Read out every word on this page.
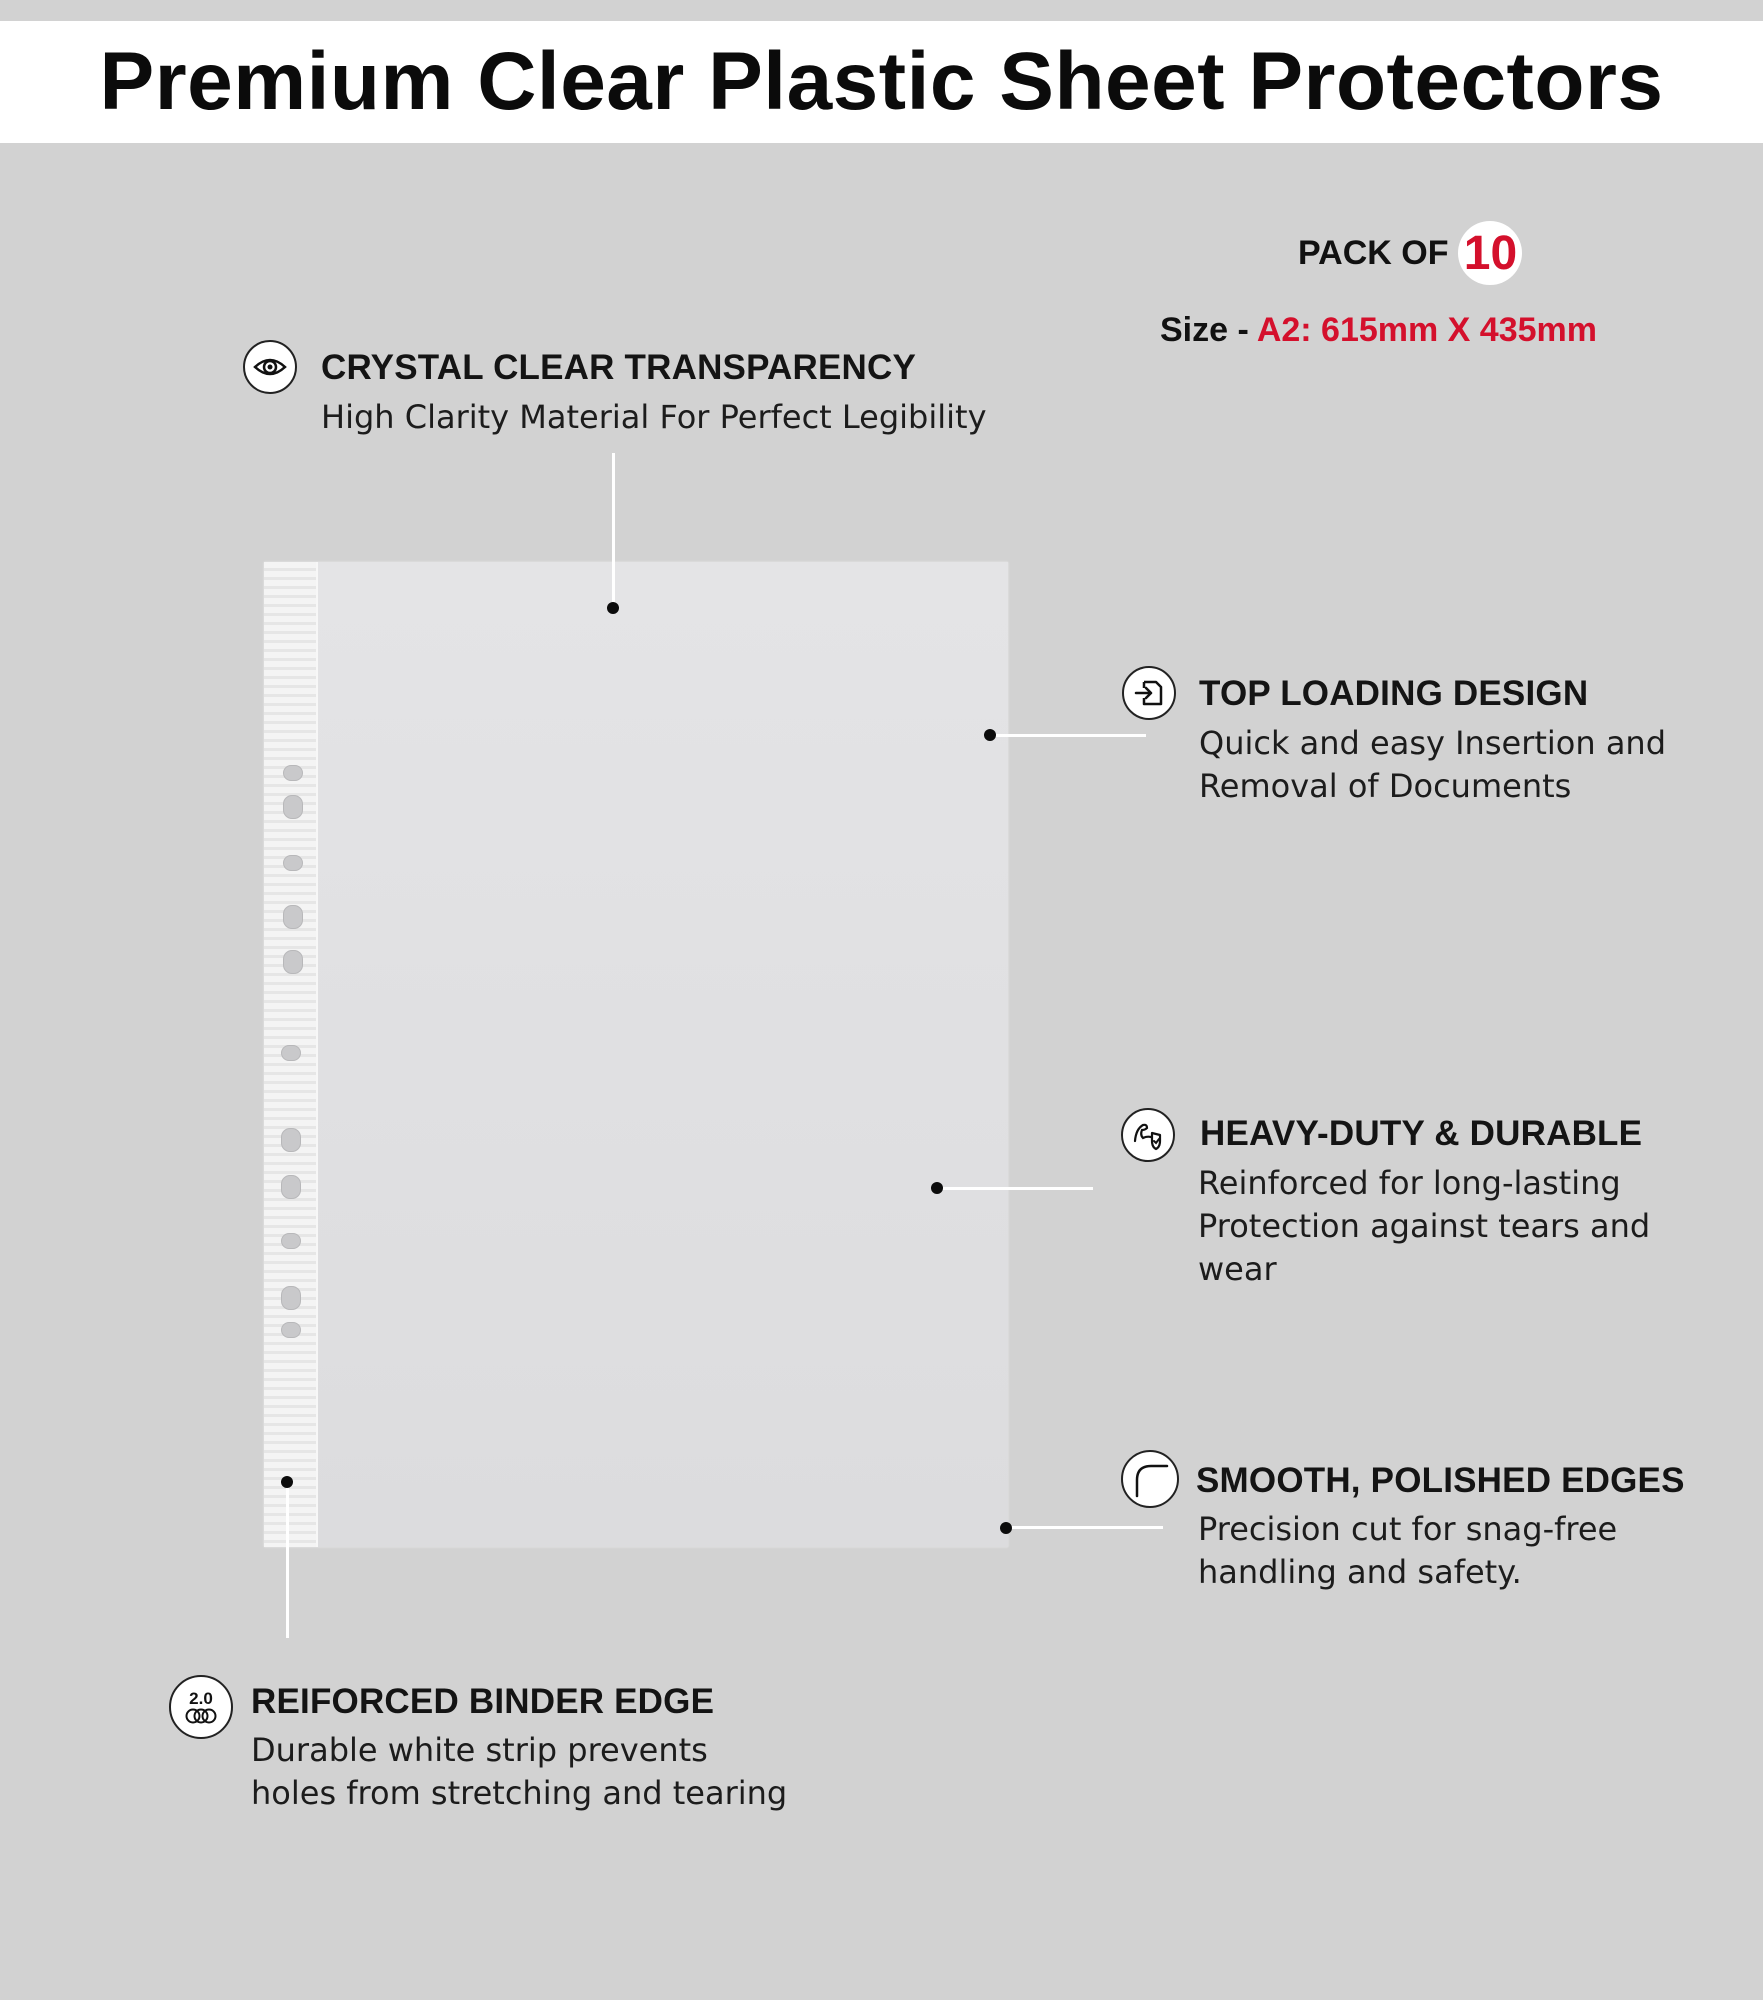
Premium Clear Plastic Sheet Protectors
PACK OF 10
Size - A2: 615mm X 435mm
CRYSTAL CLEAR TRANSPARENCY
High Clarity Material For Perfect Legibility
TOP LOADING DESIGN
Quick and easy Insertion and
Removal of Documents
HEAVY-DUTY & DURABLE
Reinforced for long-lasting
Protection against tears and
wear
SMOOTH, POLISHED EDGES
Precision cut for snag-free
handling and safety.
2.0 REIFORCED BINDER EDGE
Durable white strip prevents
holes from stretching and tearing
